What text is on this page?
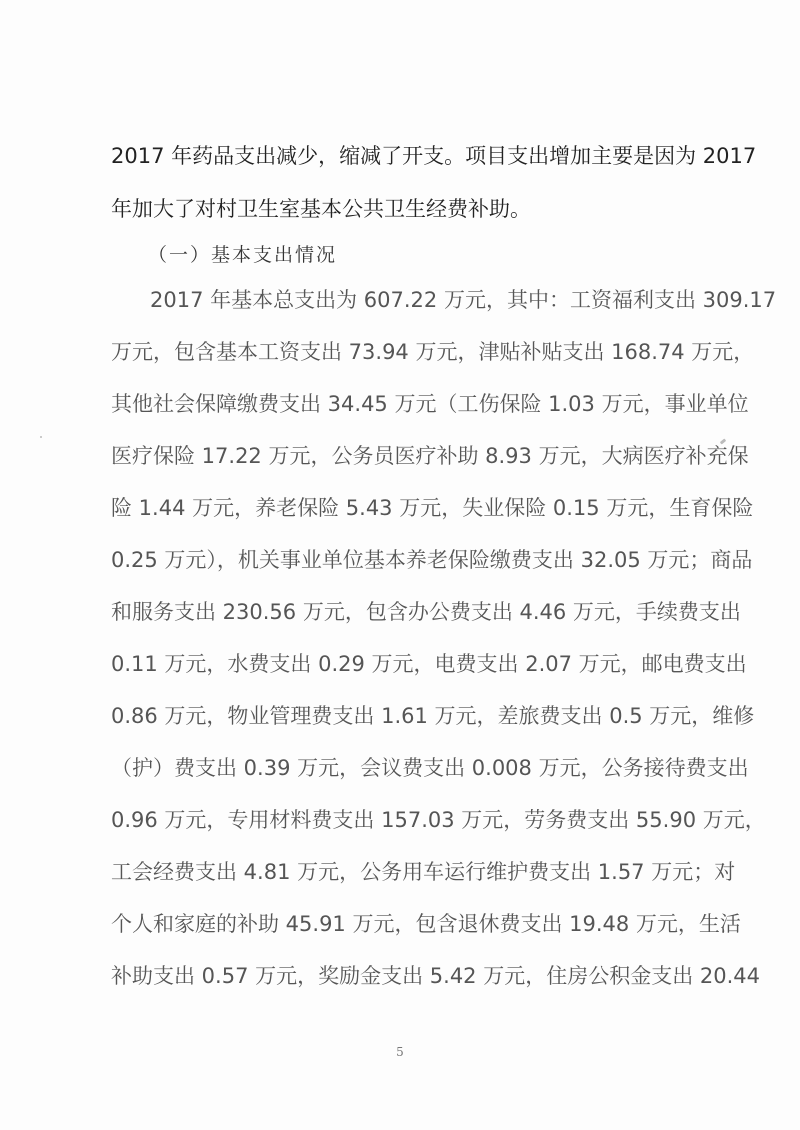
2017 年药品支出减少，缩减了开支。项目支出增加主要是因为 2017
年加大了对村卫生室基本公共卫生经费补助。
（一）基本支出情况
2017 年基本总支出为 607.22 万元，其中：工资福利支出 309.17
万元，包含基本工资支出 73.94 万元，津贴补贴支出 168.74 万元，
其他社会保障缴费支出 34.45 万元（工伤保险 1.03 万元，事业单位
医疗保险 17.22 万元，公务员医疗补助 8.93 万元，大病医疗补充保
险 1.44 万元，养老保险 5.43 万元，失业保险 0.15 万元，生育保险
0.25 万元），机关事业单位基本养老保险缴费支出 32.05 万元；商品
和服务支出 230.56 万元，包含办公费支出 4.46 万元，手续费支出
0.11 万元，水费支出 0.29 万元，电费支出 2.07 万元，邮电费支出
0.86 万元，物业管理费支出 1.61 万元，差旅费支出 0.5 万元，维修
（护）费支出 0.39 万元，会议费支出 0.008 万元，公务接待费支出
0.96 万元，专用材料费支出 157.03 万元，劳务费支出 55.90 万元，
工会经费支出 4.81 万元，公务用车运行维护费支出 1.57 万元；对
个人和家庭的补助 45.91 万元，包含退休费支出 19.48 万元，生活
补助支出 0.57 万元，奖励金支出 5.42 万元，住房公积金支出 20.44
5
